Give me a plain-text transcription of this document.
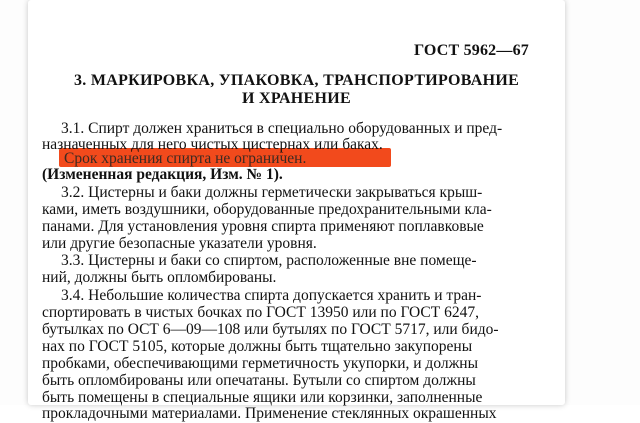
ГОСТ 5962—67
3. МАРКИРОВКА, УПАКОВКА, ТРАНСПОРТИРОВАНИЕ
И ХРАНЕНИЕ
3.1. Спирт должен храниться в специально оборудованных и пред-
назначенных для него чистых цистернах или баках.
Срок хранения спирта не ограничен.
(Измененная редакция, Изм. № 1).
3.2. Цистерны и баки должны герметически закрываться крыш-
ками, иметь воздушники, оборудованные предохранительными кла-
панами. Для установления уровня спирта применяют поплавковые
или другие безопасные указатели уровня.
3.3. Цистерны и баки со спиртом, расположенные вне помеще-
ний, должны быть опломбированы.
3.4. Небольшие количества спирта допускается хранить и тран-
спортировать в чистых бочках по ГОСТ 13950 или по ГОСТ 6247,
бутылках по ОСТ 6—09—108 или бутылях по ГОСТ 5717, или бидо-
нах по ГОСТ 5105, которые должны быть тщательно закупорены
пробками, обеспечивающими герметичность укупорки, и должны
быть опломбированы или опечатаны. Бутыли со спиртом должны
быть помещены в специальные ящики или корзинки, заполненные
прокладочными материалами. Применение стеклянных окрашенных
